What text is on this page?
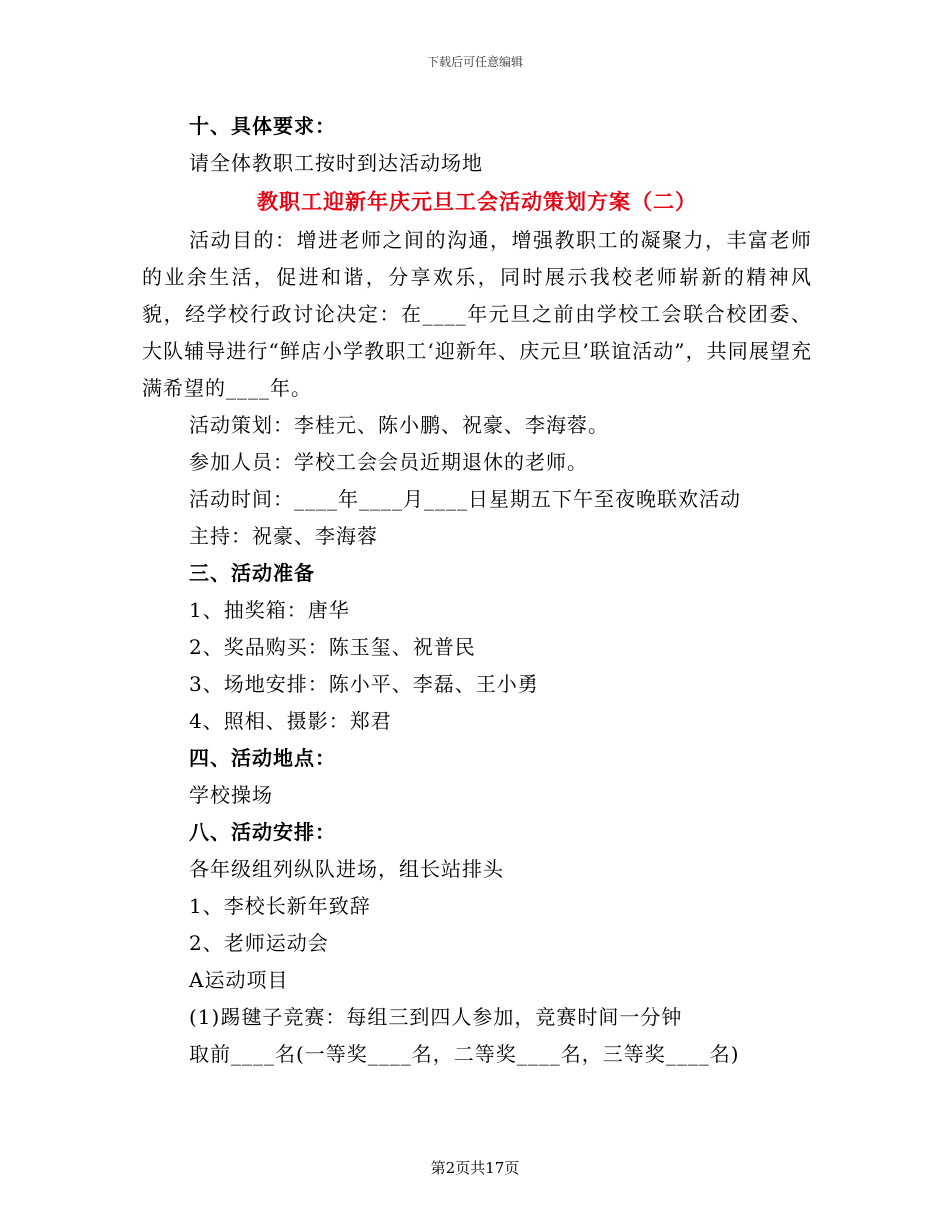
下载后可任意编辑
十、具体要求：
请全体教职工按时到达活动场地
教职工迎新年庆元旦工会活动策划方案（二）
活动目的：增进老师之间的沟通，增强教职工的凝聚力，丰富老师的业余生活，促进和谐，分享欢乐，同时展示我校老师崭新的精神风貌，经学校行政讨论决定：在____年元旦之前由学校工会联合校团委、大队辅导进行“鲜店小学教职工‘迎新年、庆元旦’联谊活动”，共同展望充满希望的____年。
活动策划：李桂元、陈小鹏、祝豪、李海蓉。
参加人员：学校工会会员近期退休的老师。
活动时间：____年____月____日星期五下午至夜晚联欢活动
主持：祝豪、李海蓉
三、活动准备
1、抽奖箱：唐华
2、奖品购买：陈玉玺、祝普民
3、场地安排：陈小平、李磊、王小勇
4、照相、摄影：郑君
四、活动地点：
学校操场
八、活动安排：
各年级组列纵队进场，组长站排头
1、李校长新年致辞
2、老师运动会
A运动项目
(1)踢毽子竞赛：每组三到四人参加，竞赛时间一分钟
取前____名(一等奖____名，二等奖____名，三等奖____名)
第2页共17页
